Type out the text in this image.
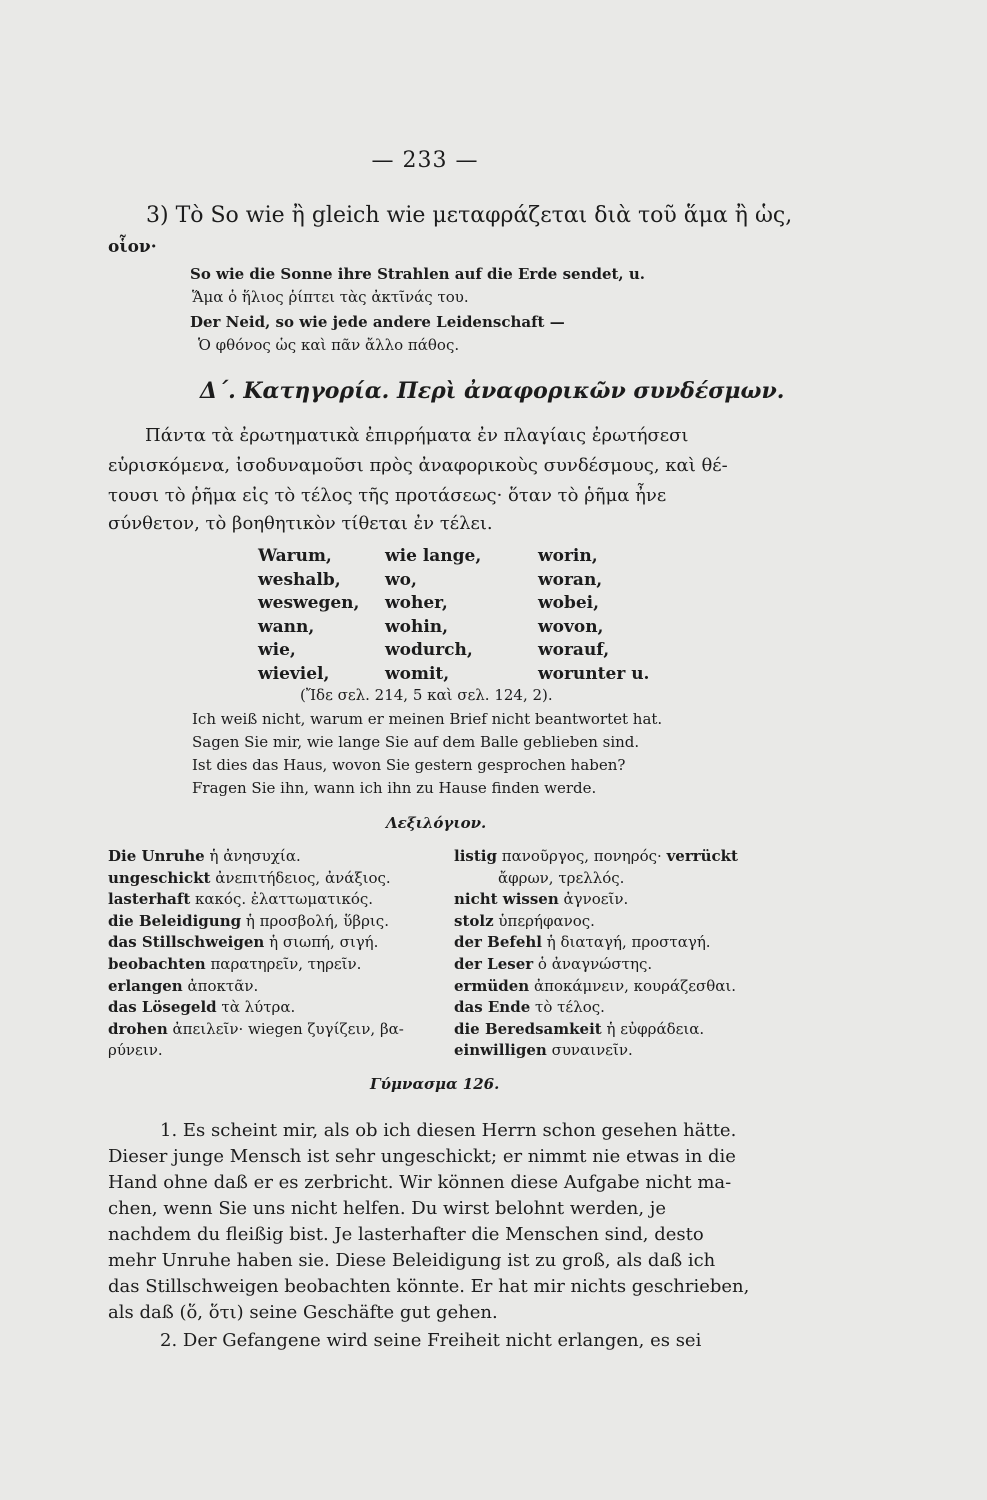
— 233 —
3) Τὸ So wie ἢ gleich wie μεταφράζεται διὰ τοῦ ἅμα ἢ ὡς,
οἷον·
So wie die Sonne ihre Strahlen auf die Erde sendet, u.
Ἅμα ὁ ἥλιος ῥίπτει τὰς ἀκτῖνάς του.
Der Neid, so wie jede andere Leidenschaft —
Ὁ φθόνος ὡς καὶ πᾶν ἄλλο πάθος.
Δ΄. Κατηγορία. Περὶ ἀναφορικῶν συνδέσμων.
Πάντα τὰ ἐρωτηματικὰ ἐπιρρήματα ἐν πλαγίαις ἐρωτήσεσι
εὑρισκόμενα, ἰσοδυναμοῦσι πρὸς ἀναφορικοὺς συνδέσμους, καὶ θέ-
τουσι τὸ ῥῆμα εἰς τὸ τέλος τῆς προτάσεως· ὅταν τὸ ῥῆμα ἦνε
σύνθετον, τὸ βοηθητικὸν τίθεται ἐν τέλει.
Warum,
weshalb,
weswegen,
wann,
wie,
wieviel,
wie lange,
wo,
woher,
wohin,
wodurch,
womit,
worin,
woran,
wobei,
wovon,
worauf,
worunter u.
(Ἴδε σελ. 214, 5 καὶ σελ. 124, 2).
Ich weiß nicht, warum er meinen Brief nicht beantwortet hat.
Sagen Sie mir, wie lange Sie auf dem Balle geblieben sind.
Ist dies das Haus, wovon Sie gestern gesprochen haben?
Fragen Sie ihn, wann ich ihn zu Hause finden werde.
Λεξιλόγιον.
Die Unruhe ἡ ἀνησυχία.
ungeschickt ἀνεπιτήδειος, ἀνάξιος.
lasterhaft κακός. ἐλαττωματικός.
die Beleidigung ἡ προσβολή, ὕβρις.
das Stillschweigen ἡ σιωπή, σιγή.
beobachten παρατηρεῖν, τηρεῖν.
erlangen ἀποκτᾶν.
das Lösegeld τὰ λύτρα.
drohen ἀπειλεῖν· wiegen ζυγίζειν, βα-
ρύνειν.
listig πανοῦργος, πονηρός· verrückt
ἄφρων, τρελλός.
nicht wissen ἀγνοεῖν.
stolz ὑπερήφανος.
der Befehl ἡ διαταγή, προσταγή.
der Leser ὁ ἀναγνώστης.
ermüden ἀποκάμνειν, κουράζεσθαι.
das Ende τὸ τέλος.
die Beredsamkeit ἡ εὐφράδεια.
einwilligen συναινεῖν.
Γύμνασμα 126.
1. Es scheint mir, als ob ich diesen Herrn schon gesehen hätte.
Dieser junge Mensch ist sehr ungeschickt; er nimmt nie etwas in die
Hand ohne daß er es zerbricht. Wir können diese Aufgabe nicht ma-
chen, wenn Sie uns nicht helfen. Du wirst belohnt werden, je
nachdem du fleißig bist. Je lasterhafter die Menschen sind, desto
mehr Unruhe haben sie. Diese Beleidigung ist zu groß, als daß ich
das Stillschweigen beobachten könnte. Er hat mir nichts geschrieben,
als daß (ὅ, ὅτι) seine Geschäfte gut gehen.
2. Der Gefangene wird seine Freiheit nicht erlangen, es sei
